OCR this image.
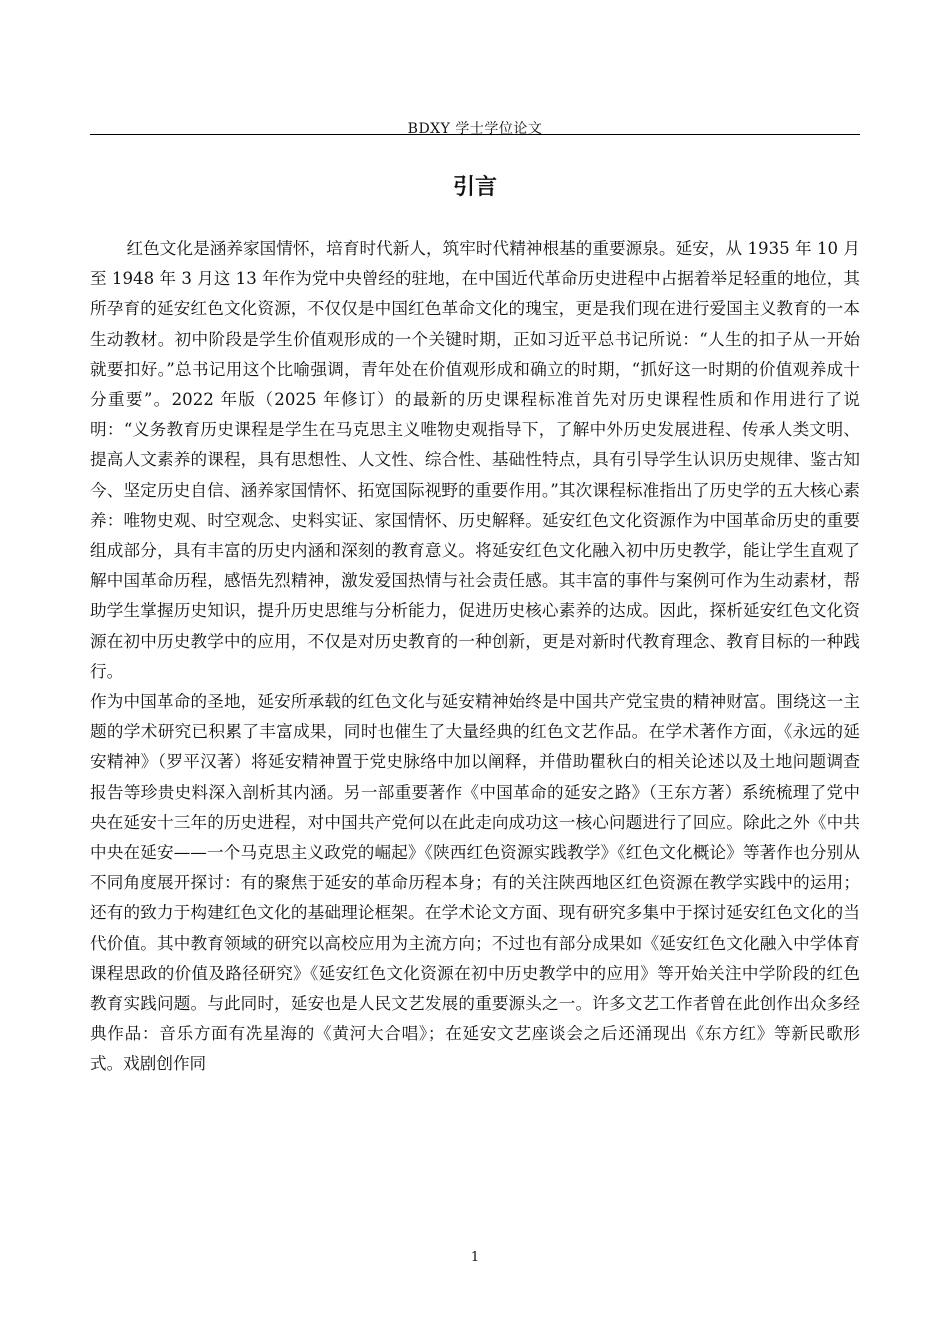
BDXY 学士学位论文
引言

红色文化是涵养家国情怀，培育时代新人，筑牢时代精神根基的重要源泉。延安，从 1935 年 10 月至 1948 年 3 月这 13 年作为党中央曾经的驻地，在中国近代革命历史进程中占据着举足轻重的地位，其所孕育的延安红色文化资源，不仅仅是中国红色革命文化的瑰宝，更是我们现在进行爱国主义教育的一本生动教材。初中阶段是学生价值观形成的一个关键时期，正如习近平总书记所说：“人生的扣子从一开始就要扣好。”总书记用这个比喻强调，青年处在价值观形成和确立的时期，“抓好这一时期的价值观养成十分重要”。2022 年版（2025 年修订）的最新的历史课程标准首先对历史课程性质和作用进行了说明：“义务教育历史课程是学生在马克思主义唯物史观指导下，了解中外历史发展进程、传承人类文明、提高人文素养的课程，具有思想性、人文性、综合性、基础性特点，具有引导学生认识历史规律、鉴古知今、坚定历史自信、涵养家国情怀、拓宽国际视野的重要作用。”其次课程标准指出了历史学的五大核心素养：唯物史观、时空观念、史料实证、家国情怀、历史解释。延安红色文化资源作为中国革命历史的重要组成部分，具有丰富的历史内涵和深刻的教育意义。将延安红色文化融入初中历史教学，能让学生直观了解中国革命历程，感悟先烈精神，激发爱国热情与社会责任感。其丰富的事件与案例可作为生动素材，帮助学生掌握历史知识，提升历史思维与分析能力，促进历史核心素养的达成。因此，探析延安红色文化资源在初中历史教学中的应用，不仅是对历史教育的一种创新，更是对新时代教育理念、教育目标的一种践行。

作为中国革命的圣地，延安所承载的红色文化与延安精神始终是中国共产党宝贵的精神财富。围绕这一主题的学术研究已积累了丰富成果，同时也催生了大量经典的红色文艺作品。在学术著作方面，《永远的延安精神》（罗平汉著）将延安精神置于党史脉络中加以阐释，并借助瞿秋白的相关论述以及土地问题调查报告等珍贵史料深入剖析其内涵。另一部重要著作《中国革命的延安之路》（王东方著）系统梳理了党中央在延安十三年的历史进程，对中国共产党何以在此走向成功这一核心问题进行了回应。除此之外《中共中央在延安——一个马克思主义政党的崛起》《陕西红色资源实践教学》《红色文化概论》等著作也分别从不同角度展开探讨：有的聚焦于延安的革命历程本身；有的关注陕西地区红色资源在教学实践中的运用；还有的致力于构建红色文化的基础理论框架。在学术论文方面、现有研究多集中于探讨延安红色文化的当代价值。其中教育领域的研究以高校应用为主流方向；不过也有部分成果如《延安红色文化融入中学体育课程思政的价值及路径研究》《延安红色文化资源在初中历史教学中的应用》等开始关注中学阶段的红色教育实践问题。与此同时，延安也是人民文艺发展的重要源头之一。许多文艺工作者曾在此创作出众多经典作品：音乐方面有冼星海的《黄河大合唱》；在延安文艺座谈会之后还涌现出《东方红》等新民歌形式。戏剧创作同

1
